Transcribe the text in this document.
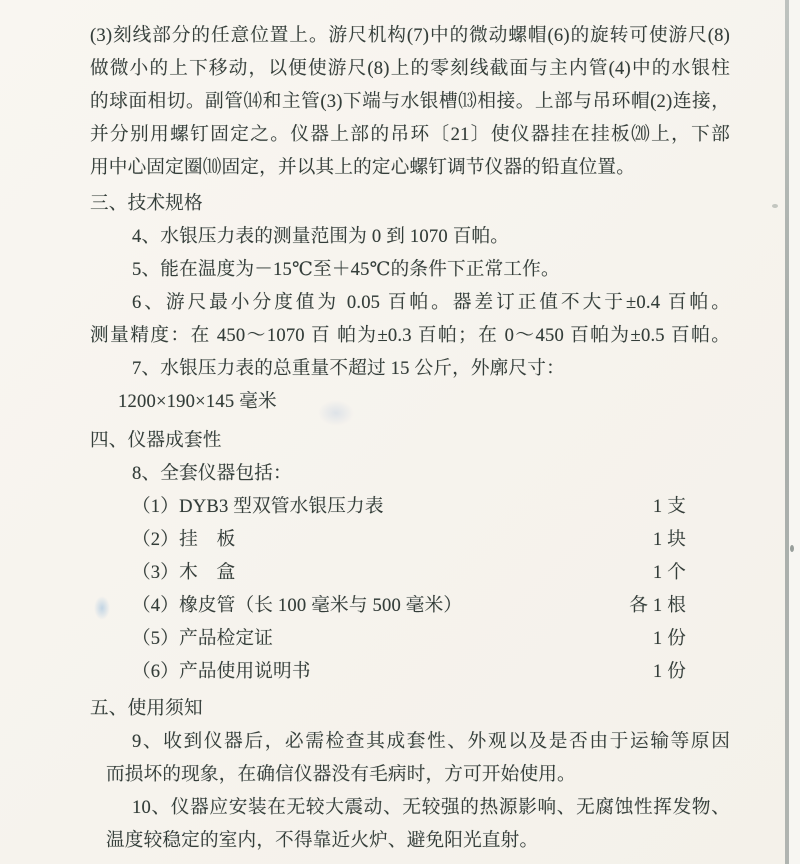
(3)刻线部分的任意位置上。游尺机构(7)中的微动螺帽(6)的旋转可使游尺(8)
做微小的上下移动，以便使游尺(8)上的零刻线截面与主内管(4)中的水银柱
的球面相切。副管⒁和主管(3)下端与水银槽⒀相接。上部与吊环帽(2)连接，
并分别用螺钉固定之。仪器上部的吊环〔21〕使仪器挂在挂板⒇上，下部
用中心固定圈⑽固定，并以其上的定心螺钉调节仪器的铅直位置。
三、技术规格
4、水银压力表的测量范围为 0 到 1070 百帕。
5、能在温度为－15℃至＋45℃的条件下正常工作。
6、游尺最小分度值为 0.05 百帕。器差订正值不大于±0.4 百帕。
测量精度：在 450～1070 百 帕为±0.3 百帕；在 0～450 百帕为±0.5 百帕。
7、水银压力表的总重量不超过 15 公斤，外廓尺寸：
1200×190×145 毫米
四、仪器成套性
8、全套仪器包括：
（1）DYB3 型双管水银压力表	1 支
（2）挂　板	1 块
（3）木　盒	1 个
（4）橡皮管（长 100 毫米与 500 毫米）	各 1 根
（5）产品检定证	1 份
（6）产品使用说明书	1 份
五、使用须知
9、收到仪器后，必需检查其成套性、外观以及是否由于运输等原因
而损坏的现象，在确信仪器没有毛病时，方可开始使用。
10、仪器应安装在无较大震动、无较强的热源影响、无腐蚀性挥发物、
温度较稳定的室内，不得靠近火炉、避免阳光直射。
